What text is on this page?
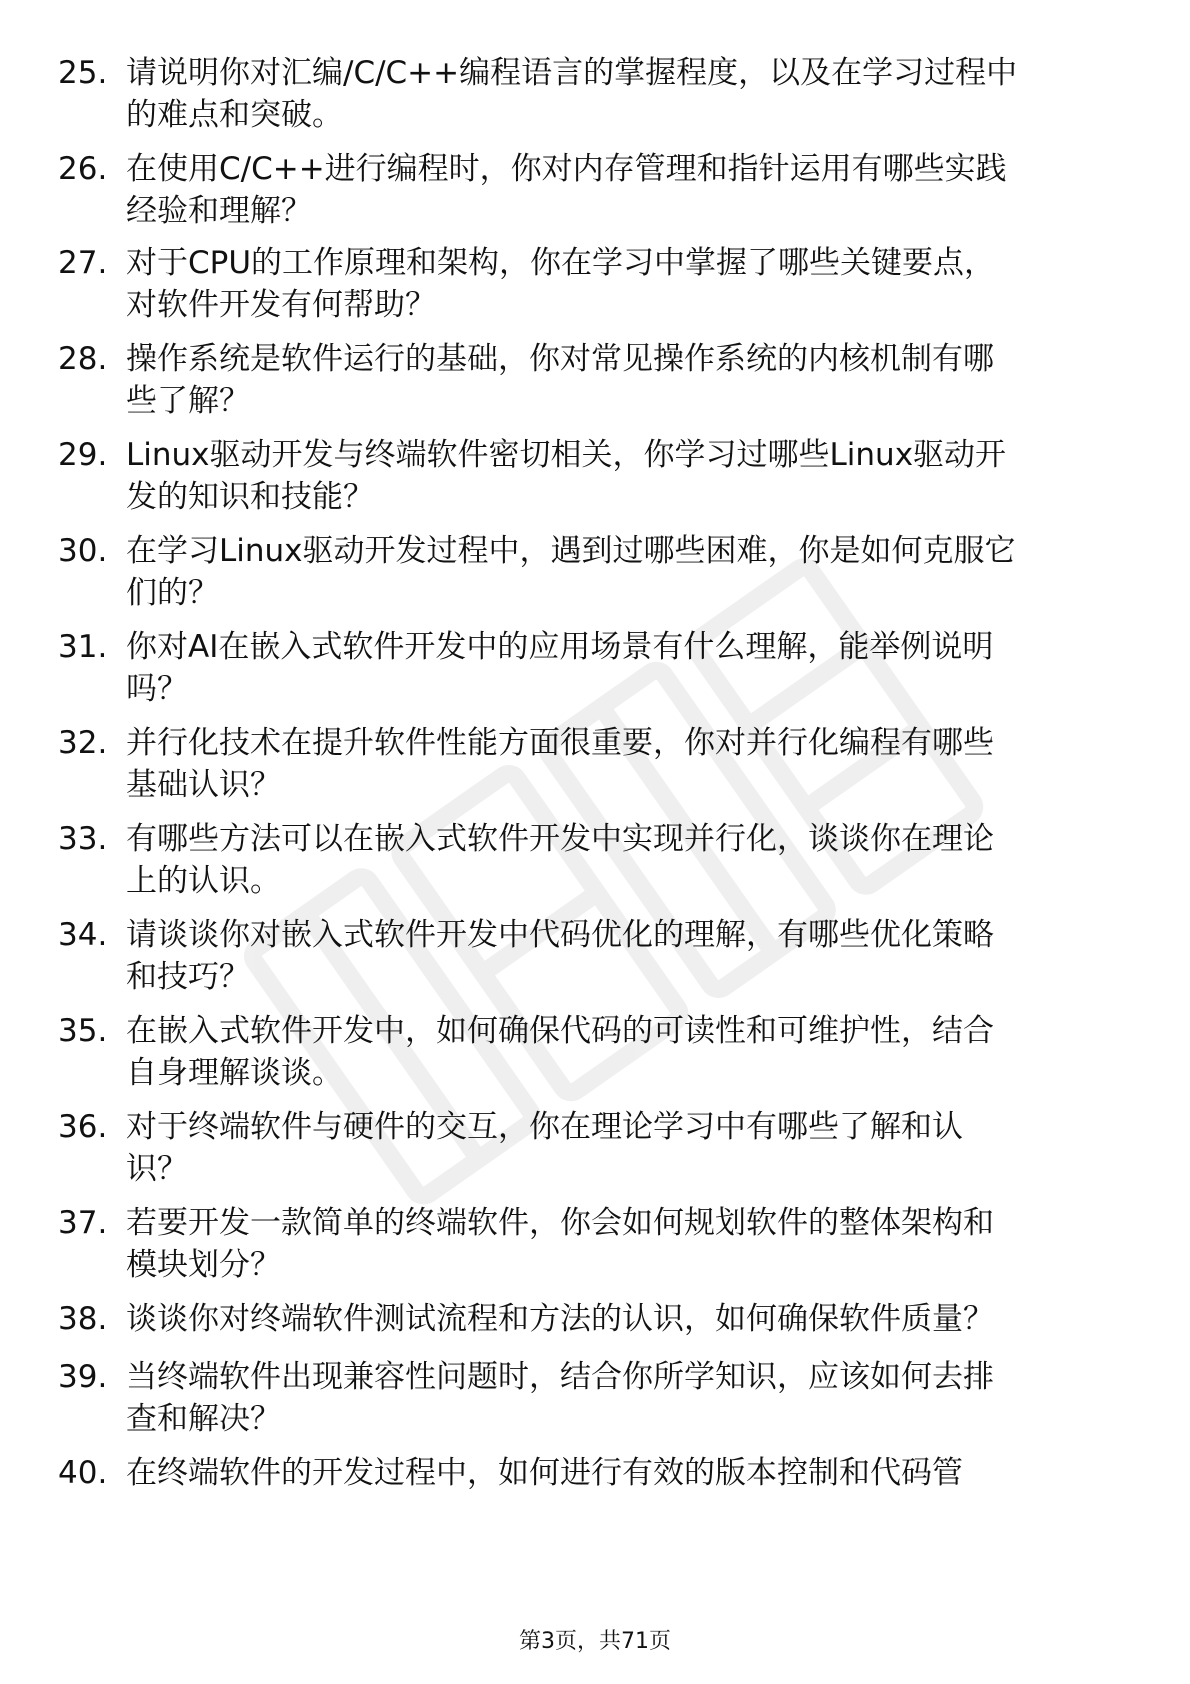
25. 请说明你对汇编/C/C++编程语言的掌握程度，以及在学习过程中
的难点和突破。
26. 在使用C/C++进行编程时，你对内存管理和指针运用有哪些实践
经验和理解？
27. 对于CPU的工作原理和架构，你在学习中掌握了哪些关键要点，
对软件开发有何帮助？
28. 操作系统是软件运行的基础，你对常见操作系统的内核机制有哪
些了解？
29. Linux驱动开发与终端软件密切相关，你学习过哪些Linux驱动开
发的知识和技能？
30. 在学习Linux驱动开发过程中，遇到过哪些困难，你是如何克服它
们的？
31. 你对AI在嵌入式软件开发中的应用场景有什么理解，能举例说明
吗？
32. 并行化技术在提升软件性能方面很重要，你对并行化编程有哪些
基础认识？
33. 有哪些方法可以在嵌入式软件开发中实现并行化，谈谈你在理论
上的认识。
34. 请谈谈你对嵌入式软件开发中代码优化的理解，有哪些优化策略
和技巧？
35. 在嵌入式软件开发中，如何确保代码的可读性和可维护性，结合
自身理解谈谈。
36. 对于终端软件与硬件的交互，你在理论学习中有哪些了解和认
识？
37. 若要开发一款简单的终端软件，你会如何规划软件的整体架构和
模块划分？
38. 谈谈你对终端软件测试流程和方法的认识，如何确保软件质量？
39. 当终端软件出现兼容性问题时，结合你所学知识，应该如何去排
查和解决？
40. 在终端软件的开发过程中，如何进行有效的版本控制和代码管
第3页，共71页
